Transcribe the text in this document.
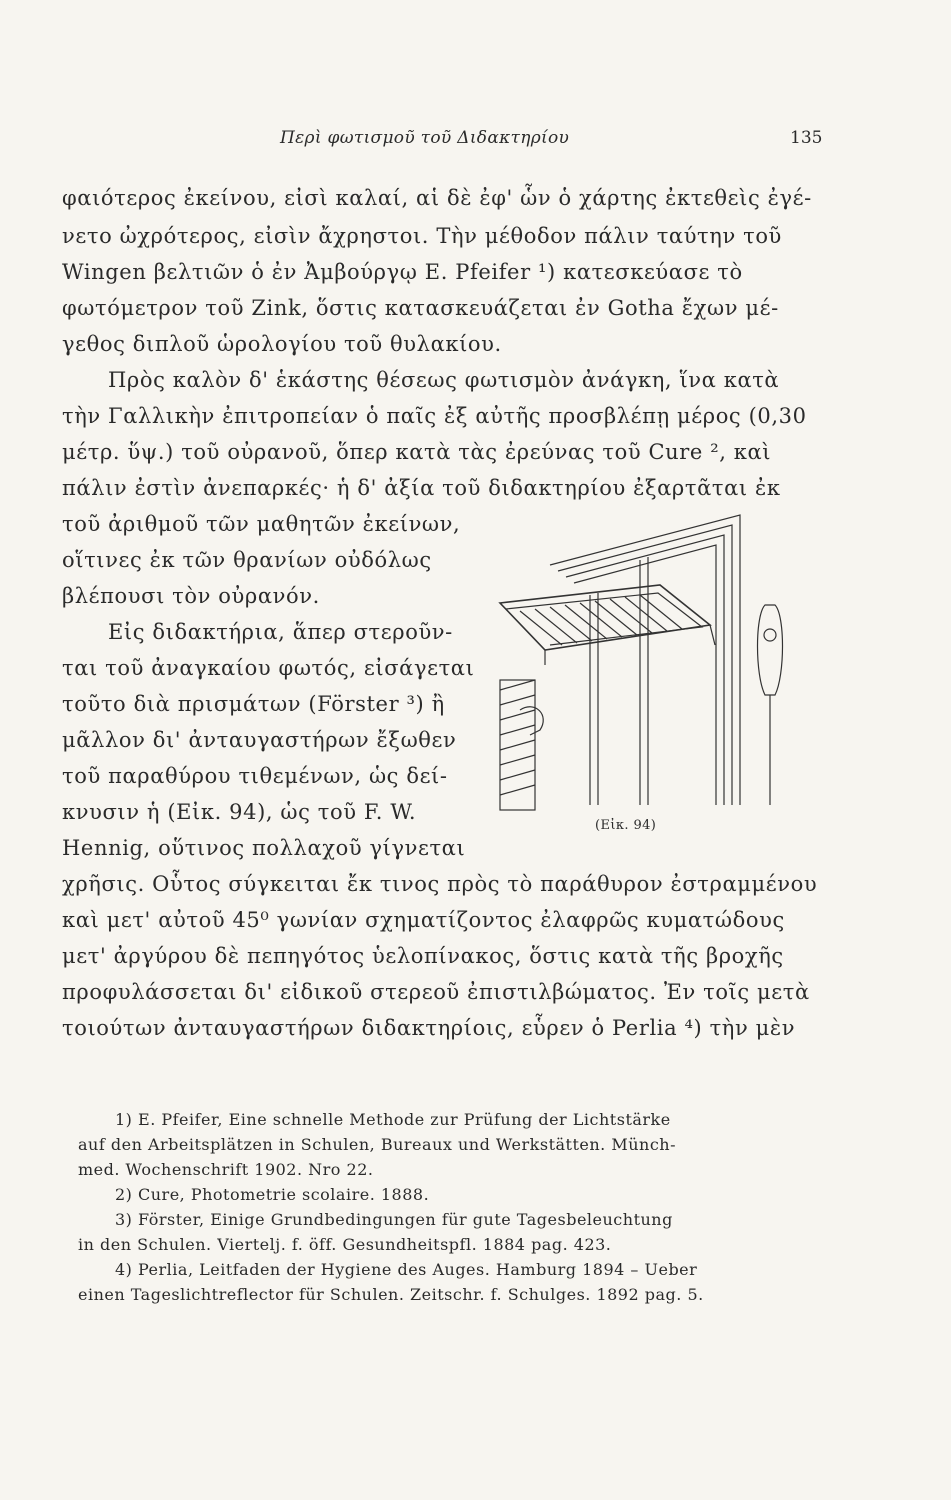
Περὶ φωτισμοῦ τοῦ Διδακτηρίου	135
φαιότερος ἐκείνου, εἰσὶ καλαί, αἱ δὲ ἐφ' ὧν ὁ χάρτης ἐκτεθεὶς ἐγέ-
νετο ὠχρότερος, εἰσὶν ἄχρηστοι. Τὴν μέθοδον πάλιν ταύτην τοῦ
Wingen βελτιῶν ὁ ἐν Ἀμβούργῳ E. Pfeifer ¹) κατεσκεύασε τὸ
φωτόμετρον τοῦ Zink, ὅστις κατασκευάζεται ἐν Gotha ἔχων μέ-
γεθος διπλοῦ ὡρολογίου τοῦ θυλακίου.
Πρὸς καλὸν δ' ἑκάστης θέσεως φωτισμὸν ἀνάγκη, ἵνα κατὰ
τὴν Γαλλικὴν ἐπιτροπείαν ὁ παῖς ἐξ αὐτῆς προσβλέπῃ μέρος (0,30
μέτρ. ὕψ.) τοῦ οὐρανοῦ, ὅπερ κατὰ τὰς ἐρεύνας τοῦ Cure ², καὶ
πάλιν ἐστὶν ἀνεπαρκές· ἡ δ' ἀξία τοῦ διδακτηρίου ἐξαρτᾶται ἐκ
τοῦ ἀριθμοῦ τῶν μαθητῶν ἐκείνων,
οἵτινες ἐκ τῶν θρανίων οὐδόλως
βλέπουσι τὸν οὐρανόν.
Εἰς διδακτήρια, ἅπερ στεροῦν-
ται τοῦ ἀναγκαίου φωτός, εἰσάγεται
τοῦτο διὰ πρισμάτων (Förster ³) ἢ
μᾶλλον δι' ἀνταυγαστήρων ἔξωθεν
τοῦ παραθύρου τιθεμένων, ὡς δεί-
κνυσιν ἡ (Εἰκ. 94), ὡς τοῦ F. W.
Hennig, οὕτινος πολλαχοῦ γίγνεται
χρῆσις. Οὗτος σύγκειται ἔκ τινος πρὸς τὸ παράθυρον ἐστραμμένου
καὶ μετ' αὐτοῦ 45⁰ γωνίαν σχηματίζοντος ἐλαφρῶς κυματώδους
μετ' ἀργύρου δὲ πεπηγότος ὑελοπίνακος, ὅστις κατὰ τῆς βροχῆς
προφυλάσσεται δι' εἰδικοῦ στερεοῦ ἐπιστιλβώματος. Ἐν τοῖς μετὰ
τοιούτων ἀνταυγαστήρων διδακτηρίοις, εὗρεν ὁ Perlia ⁴) τὴν μὲν
(Εἰκ. 94)
1) E. Pfeifer, Eine schnelle Methode zur Prüfung der Lichtstärke
auf den Arbeitsplätzen in Schulen, Bureaux und Werkstätten. Münch-
med. Wochenschrift 1902. Nro 22.
2) Cure, Photometrie scolaire. 1888.
3) Förster, Einige Grundbedingungen für gute Tagesbeleuchtung
in den Schulen. Viertelj. f. öff. Gesundheitspfl. 1884 pag. 423.
4) Perlia, Leitfaden der Hygiene des Auges. Hamburg 1894 – Ueber
einen Tageslichtreflector für Schulen. Zeitschr. f. Schulges. 1892 pag. 5.
